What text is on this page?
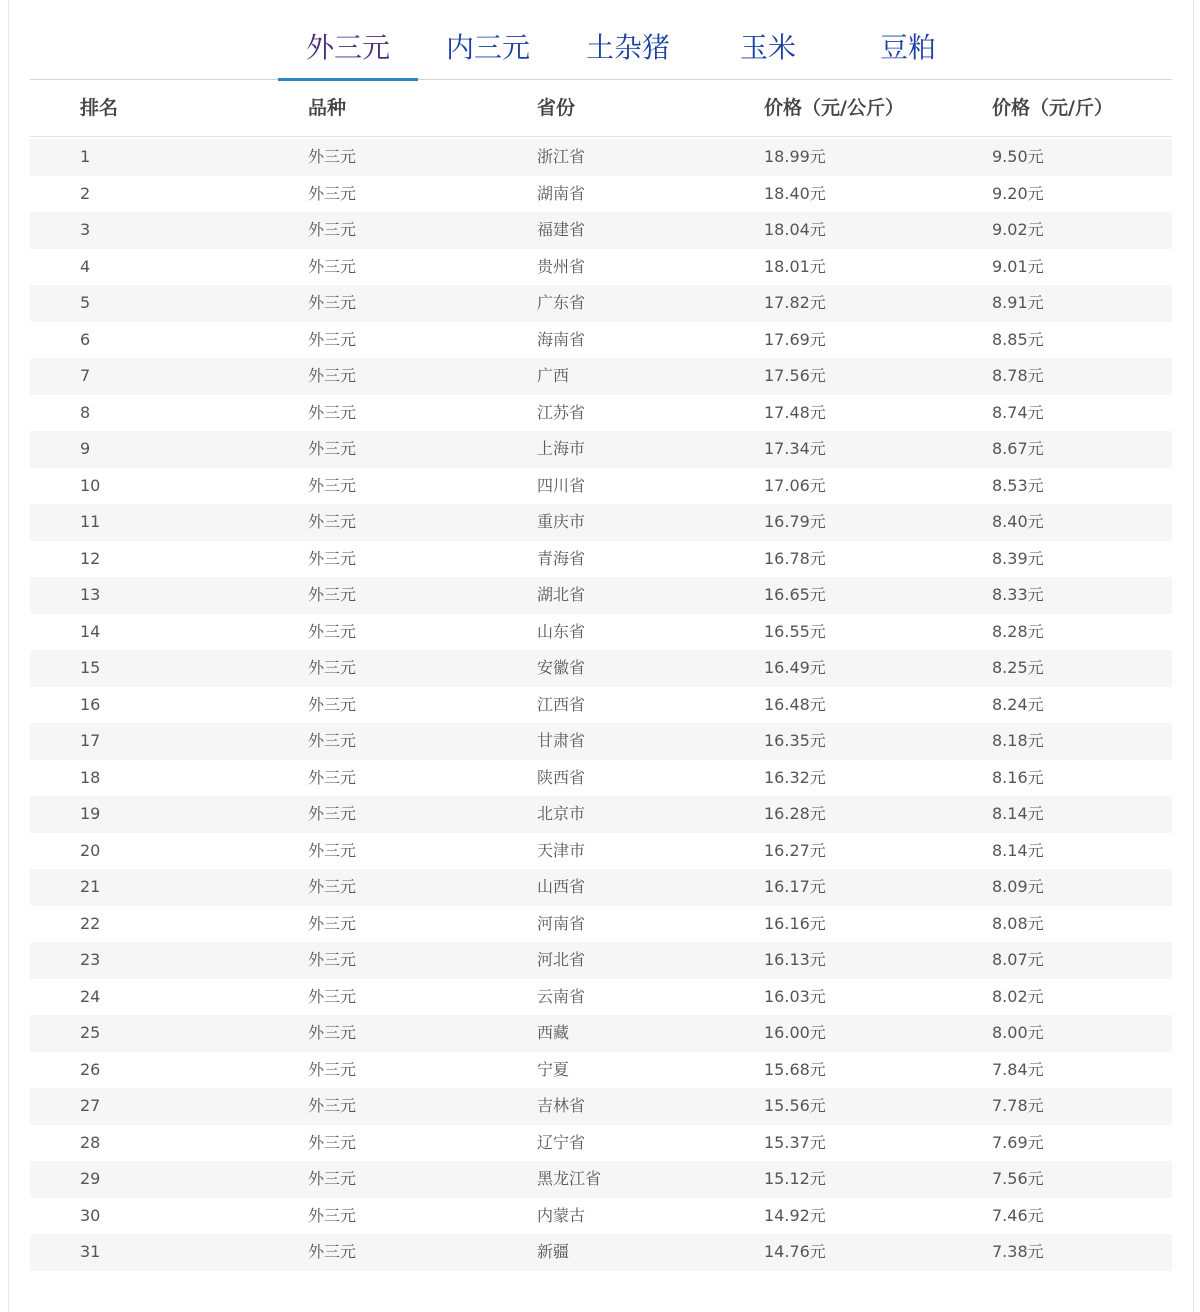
外三元	内三元	土杂猪	玉米	豆粕
排名	品种	省份	价格（元/公斤）	价格（元/斤）
1	外三元	浙江省	18.99元	9.50元
2	外三元	湖南省	18.40元	9.20元
3	外三元	福建省	18.04元	9.02元
4	外三元	贵州省	18.01元	9.01元
5	外三元	广东省	17.82元	8.91元
6	外三元	海南省	17.69元	8.85元
7	外三元	广西	17.56元	8.78元
8	外三元	江苏省	17.48元	8.74元
9	外三元	上海市	17.34元	8.67元
10	外三元	四川省	17.06元	8.53元
11	外三元	重庆市	16.79元	8.40元
12	外三元	青海省	16.78元	8.39元
13	外三元	湖北省	16.65元	8.33元
14	外三元	山东省	16.55元	8.28元
15	外三元	安徽省	16.49元	8.25元
16	外三元	江西省	16.48元	8.24元
17	外三元	甘肃省	16.35元	8.18元
18	外三元	陕西省	16.32元	8.16元
19	外三元	北京市	16.28元	8.14元
20	外三元	天津市	16.27元	8.14元
21	外三元	山西省	16.17元	8.09元
22	外三元	河南省	16.16元	8.08元
23	外三元	河北省	16.13元	8.07元
24	外三元	云南省	16.03元	8.02元
25	外三元	西藏	16.00元	8.00元
26	外三元	宁夏	15.68元	7.84元
27	外三元	吉林省	15.56元	7.78元
28	外三元	辽宁省	15.37元	7.69元
29	外三元	黑龙江省	15.12元	7.56元
30	外三元	内蒙古	14.92元	7.46元
31	外三元	新疆	14.76元	7.38元
